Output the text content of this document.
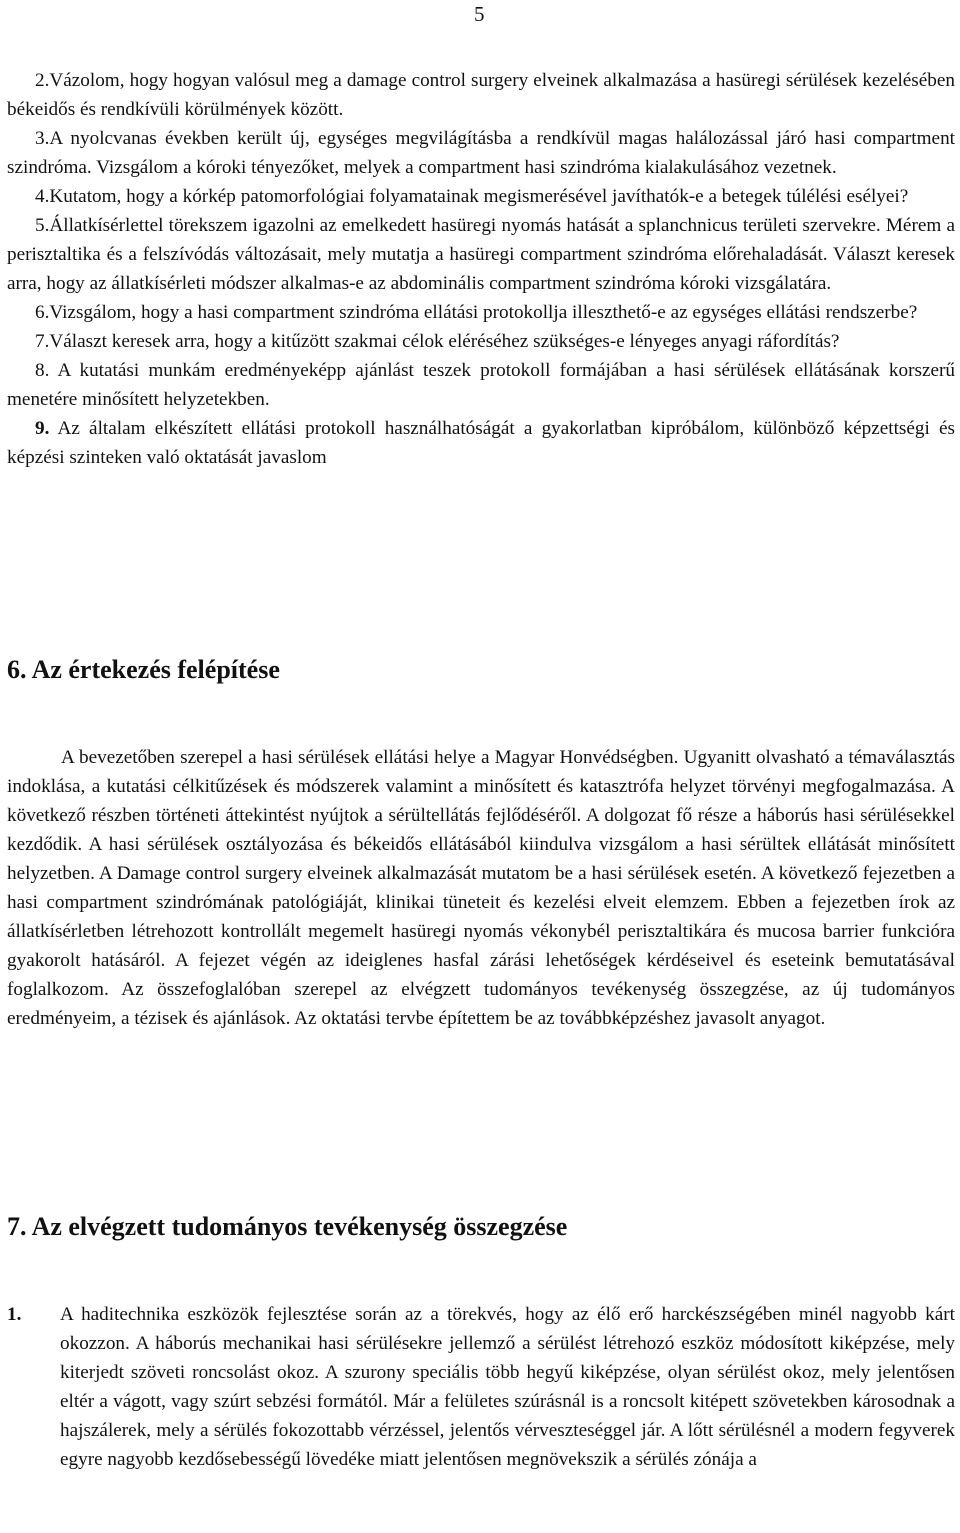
5

2.Vázolom, hogy hogyan valósul meg a damage control surgery elveinek alkalmazása a hasüregi sérülések kezelésében békeidős és rendkívüli körülmények között.

3.A nyolcvanas években került új, egységes megvilágításba a rendkívül magas halálozással járó hasi compartment szindróma. Vizsgálom a kóroki tényezőket, melyek a compartment hasi szindróma kialakulásához vezetnek.

4.Kutatom, hogy a kórkép patomorfológiai folyamatainak megismerésével javíthatók-e a betegek túlélési esélyei?

5.Állatkísérlettel törekszem igazolni az emelkedett hasüregi nyomás hatását a splanchnicus területi szervekre. Mérem a perisztaltika és a felszívódás változásait, mely mutatja a hasüregi compartment szindróma előrehaladását. Választ keresek arra, hogy az állatkísérleti módszer alkalmas-e az abdominális compartment szindróma kóroki vizsgálatára.

6.Vizsgálom, hogy a hasi compartment szindróma ellátási protokollja illeszthető-e az egységes ellátási rendszerbe?

7.Választ keresek arra, hogy a kitűzött szakmai célok eléréséhez szükséges-e lényeges anyagi ráfordítás?

8. A kutatási munkám eredményeképp ajánlást teszek protokoll formájában a hasi sérülések ellátásának korszerű menetére minősített helyzetekben.

9. Az általam elkészített ellátási protokoll használhatóságát a gyakorlatban kipróbálom, különböző képzettségi és képzési szinteken való oktatását javaslom

6. Az értekezés felépítése

A bevezetőben szerepel a hasi sérülések ellátási helye a Magyar Honvédségben. Ugyanitt olvasható a témaválasztás indoklása, a kutatási célkitűzések és módszerek valamint a minősített és katasztrófa helyzet törvényi megfogalmazása. A következő részben történeti áttekintést nyújtok a sérültellátás fejlődéséről. A dolgozat fő része a háborús hasi sérülésekkel kezdődik. A hasi sérülések osztályozása és békeidős ellátásából kiindulva vizsgálom a hasi sérültek ellátását minősített helyzetben. A Damage control surgery elveinek alkalmazását mutatom be a hasi sérülések esetén. A következő fejezetben a hasi compartment szindrómának patológiáját, klinikai tüneteit és kezelési elveit elemzem. Ebben a fejezetben írok az állatkísérletben létrehozott kontrollált megemelt hasüregi nyomás vékonybél perisztaltikára és mucosa barrier funkcióra gyakorolt hatásáról. A fejezet végén az ideiglenes hasfal zárási lehetőségek kérdéseivel és eseteink bemutatásával foglalkozom. Az összefoglalóban szerepel az elvégzett tudományos tevékenység összegzése, az új tudományos eredményeim, a tézisek és ajánlások. Az oktatási tervbe építettem be az továbbképzéshez javasolt anyagot.

7. Az elvégzett tudományos tevékenység összegzése
1.	A haditechnika eszközök fejlesztése során az a törekvés, hogy az élő erő harckészségében minél nagyobb kárt okozzon. A háborús mechanikai hasi sérülésekre jellemző a sérülést létrehozó eszköz módosított kiképzése, mely kiterjedt szöveti roncsolást okoz. A szurony speciális több hegyű kiképzése, olyan sérülést okoz, mely jelentősen eltér a vágott, vagy szúrt sebzési formától. Már a felületes szúrásnál is a roncsolt kitépett szövetekben károsodnak a hajszálerek, mely a sérülés fokozottabb vérzéssel, jelentős vérveszteséggel jár. A lőtt sérülésnél a modern fegyverek egyre nagyobb kezdősebességű lövedéke miatt jelentősen megnövekszik a sérülés zónája a
